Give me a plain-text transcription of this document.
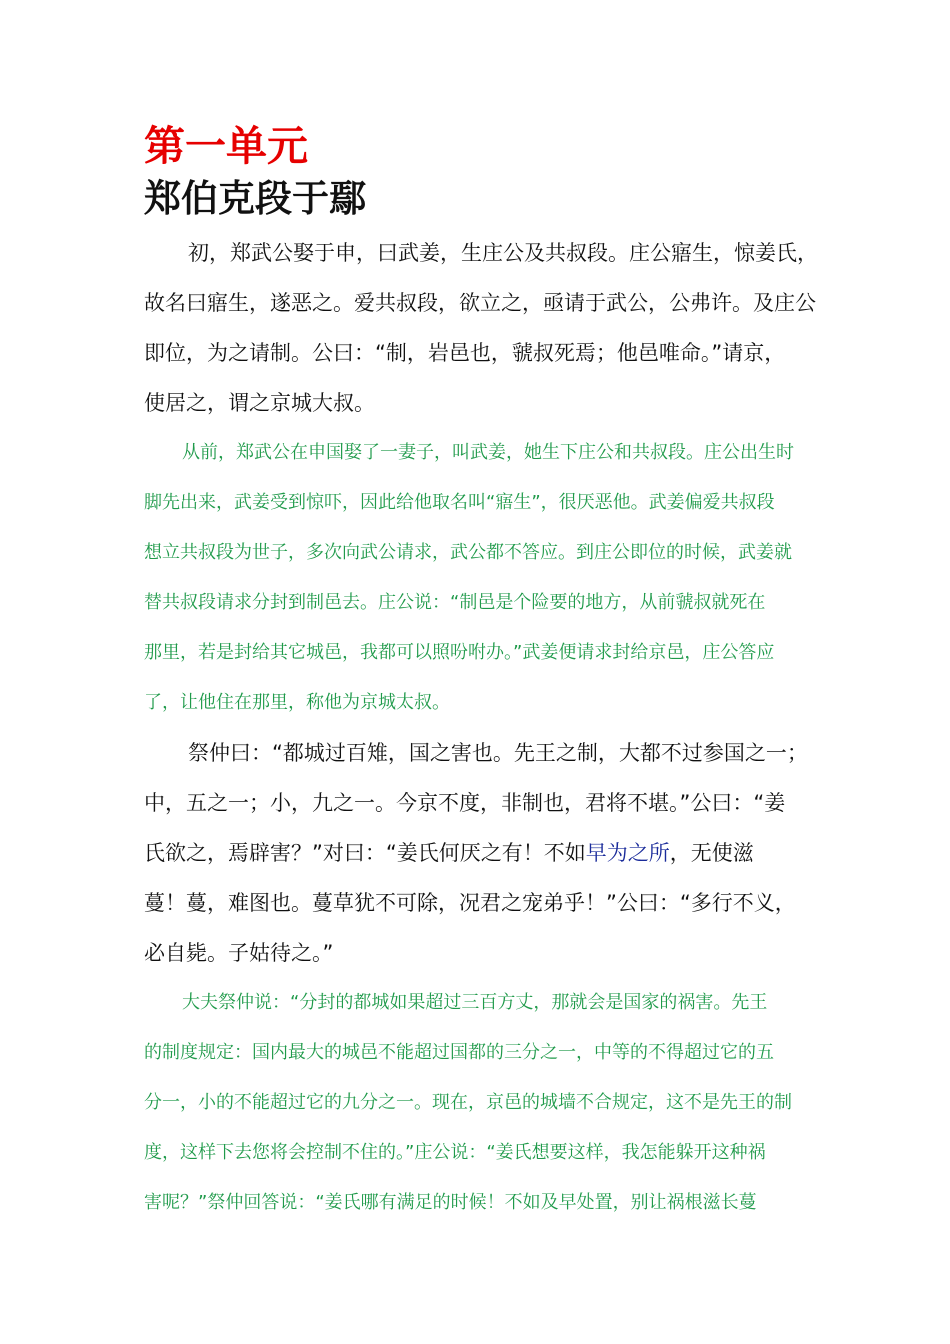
第一单元
郑伯克段于鄢
初，郑武公娶于申，曰武姜，生庄公及共叔段。庄公寤生，惊姜氏，
故名曰寤生，遂恶之。爱共叔段，欲立之，亟请于武公，公弗许。及庄公
即位，为之请制。公曰：“制，岩邑也，虢叔死焉；他邑唯命。”请京，
使居之，谓之京城大叔。
从前，郑武公在申国娶了一妻子，叫武姜，她生下庄公和共叔段。庄公出生时
脚先出来，武姜受到惊吓，因此给他取名叫“寤生”，很厌恶他。武姜偏爱共叔段
想立共叔段为世子，多次向武公请求，武公都不答应。到庄公即位的时候，武姜就
替共叔段请求分封到制邑去。庄公说：“制邑是个险要的地方，从前虢叔就死在
那里，若是封给其它城邑，我都可以照吩咐办。”武姜便请求封给京邑，庄公答应
了，让他住在那里，称他为京城太叔。
祭仲曰：“都城过百雉，国之害也。先王之制，大都不过参国之一；
中，五之一；小，九之一。今京不度，非制也，君将不堪。”公曰：“姜
氏欲之，焉辟害？”对曰：“姜氏何厌之有！不如早为之所，无使滋
蔓！蔓，难图也。蔓草犹不可除，况君之宠弟乎！”公曰：“多行不义，
必自毙。子姑待之。”
大夫祭仲说：“分封的都城如果超过三百方丈，那就会是国家的祸害。先王
的制度规定：国内最大的城邑不能超过国都的三分之一，中等的不得超过它的五
分一，小的不能超过它的九分之一。现在，京邑的城墙不合规定，这不是先王的制
度，这样下去您将会控制不住的。”庄公说：“姜氏想要这样，我怎能躲开这种祸
害呢？”祭仲回答说：“姜氏哪有满足的时候！不如及早处置，别让祸根滋长蔓
